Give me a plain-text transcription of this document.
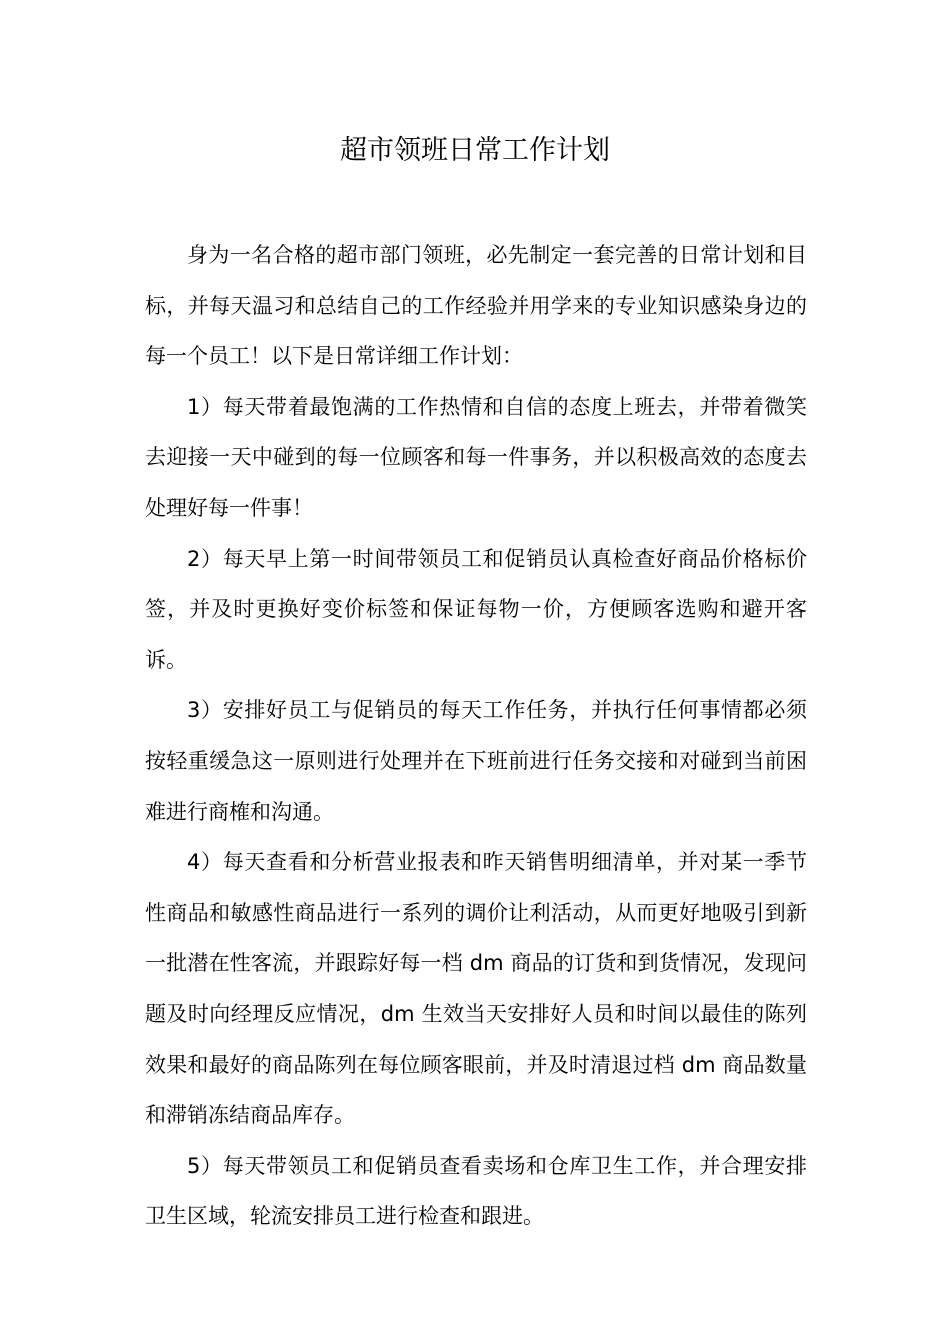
超市领班日常工作计划

身为一名合格的超市部门领班，必先制定一套完善的日常计划和目标，并每天温习和总结自己的工作经验并用学来的专业知识感染身边的每一个员工！以下是日常详细工作计划：

1）每天带着最饱满的工作热情和自信的态度上班去，并带着微笑去迎接一天中碰到的每一位顾客和每一件事务，并以积极高效的态度去处理好每一件事！

2）每天早上第一时间带领员工和促销员认真检查好商品价格标价签，并及时更换好变价标签和保证每物一价，方便顾客选购和避开客诉。

3）安排好员工与促销员的每天工作任务，并执行任何事情都必须按轻重缓急这一原则进行处理并在下班前进行任务交接和对碰到当前困难进行商榷和沟通。

4）每天查看和分析营业报表和昨天销售明细清单，并对某一季节性商品和敏感性商品进行一系列的调价让利活动，从而更好地吸引到新一批潜在性客流，并跟踪好每一档 dm 商品的订货和到货情况，发现问题及时向经理反应情况，dm 生效当天安排好人员和时间以最佳的陈列效果和最好的商品陈列在每位顾客眼前，并及时清退过档 dm 商品数量和滞销冻结商品库存。

5）每天带领员工和促销员查看卖场和仓库卫生工作，并合理安排卫生区域，轮流安排员工进行检查和跟进。
